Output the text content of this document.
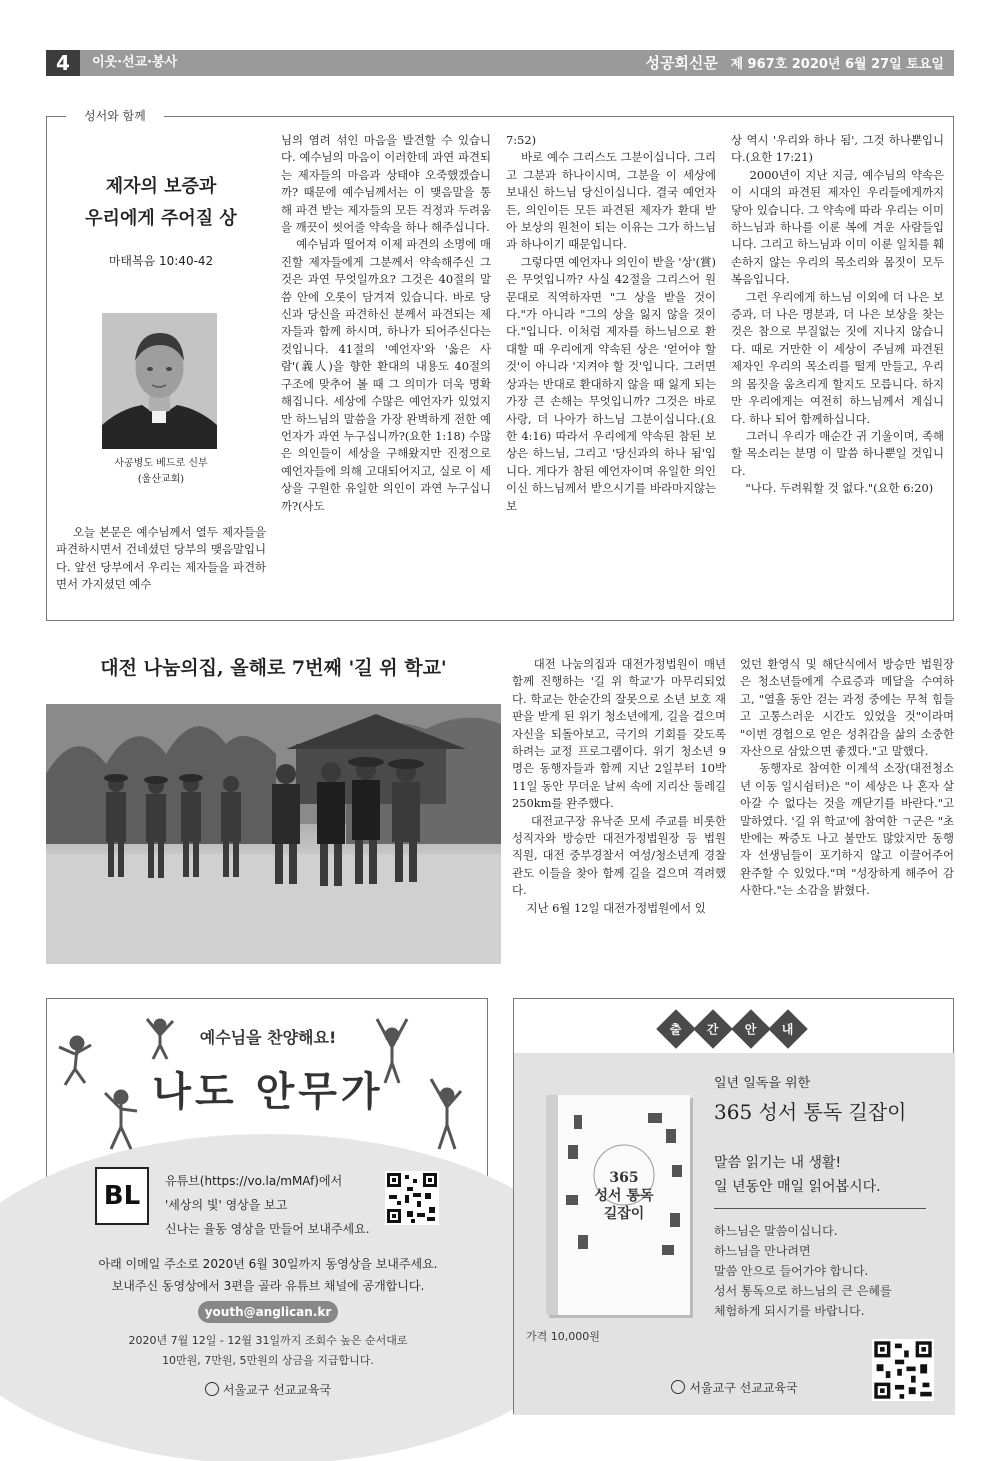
4	이웃·선교·봉사	성공회신문 제 967호 2020년 6월 27일 토요일
성서와 함께
제자의 보증과
우리에게 주어질 상
마태복음 10:40-42
사공병도 베드로 신부
(울산교회)
오늘 본문은 예수님께서 열두 제자들을 파견하시면서 건네셨던 당부의 맺음말입니다. 앞선 당부에서 우리는 제자들을 파견하면서 가지셨던 예수
님의 염려 섞인 마음을 발견할 수 있습니다. 예수님의 마음이 이러한데 과연 파견되는 제자들의 마음과 상태야 오죽했겠습니까? 때문에 예수님께서는 이 맺음말을 통해 파견 받는 제자들의 모든 걱정과 두려움을 깨끗이 씻어줄 약속을 하나 해주십니다.
예수님과 떨어져 이제 파견의 소명에 매진할 제자들에게 그분께서 약속해주신 그것은 과연 무엇일까요? 그것은 40절의 말씀 안에 오롯이 담겨져 있습니다. 바로 당신과 당신을 파견하신 분께서 파견되는 제자들과 함께 하시며, 하나가 되어주신다는 것입니다. 41절의 '예언자'와 '옳은 사람'(義人)을 향한 환대의 내용도 40절의 구조에 맞추어 볼 때 그 의미가 더욱 명확해집니다. 세상에 수많은 예언자가 있었지만 하느님의 말씀을 가장 완벽하게 전한 예언자가 과연 누구십니까?(요한 1:18) 수많은 의인들이 세상을 구해왔지만 진정으로 예언자들에 의해 고대되어지고, 실로 이 세상을 구원한 유일한 의인이 과연 누구십니까?(사도
7:52)
바로 예수 그리스도 그분이십니다. 그리고 그분과 하나이시며, 그분을 이 세상에 보내신 하느님 당신이십니다. 결국 예언자든, 의인이든 모든 파견된 제자가 환대 받아 보상의 원천이 되는 이유는 그가 하느님과 하나이기 때문입니다.
그렇다면 예언자나 의인이 받을 '상'(賞)은 무엇입니까? 사실 42절을 그리스어 원문대로 직역하자면 "그 상을 받을 것이다."가 아니라 "그의 상을 잃지 않을 것이다."입니다. 이처럼 제자를 하느님으로 환대할 때 우리에게 약속된 상은 '얻어야 할 것'이 아니라 '지켜야 할 것'입니다. 그러면 상과는 반대로 환대하지 않을 때 잃게 되는 가장 큰 손해는 무엇입니까? 그것은 바로 사랑, 더 나아가 하느님 그분이십니다.(요한 4:16) 따라서 우리에게 약속된 참된 보상은 하느님, 그리고 '당신과의 하나 됨'입니다. 게다가 참된 예언자이며 유일한 의인이신 하느님께서 받으시기를 바라마지않는 보
상 역시 '우리와 하나 됨', 그것 하나뿐입니다.(요한 17:21)
2000년이 지난 지금, 예수님의 약속은 이 시대의 파견된 제자인 우리들에게까지 닿아 있습니다. 그 약속에 따라 우리는 이미 하느님과 하나를 이룬 복에 겨운 사람들입니다. 그리고 하느님과 이미 이룬 일치를 훼손하지 않는 우리의 목소리와 몸짓이 모두 복음입니다.
그런 우리에게 하느님 이외에 더 나은 보증과, 더 나은 명분과, 더 나은 보상을 찾는 것은 참으로 부질없는 짓에 지나지 않습니다. 때로 거만한 이 세상이 주님께 파견된 제자인 우리의 목소리를 떨게 만들고, 우리의 몸짓을 움츠리게 할지도 모릅니다. 하지만 우리에게는 여전히 하느님께서 계십니다. 하나 되어 함께하십니다.
그러니 우리가 매순간 귀 기울이며, 족해 할 목소리는 분명 이 말씀 하나뿐일 것입니다.
"나다. 두려워할 것 없다."(요한 6:20)
대전 나눔의집, 올해로 7번째 '길 위 학교'	대전 나눔의집과 대전가정법원이 매년 함께 진행하는 '길 위 학교'가 마무리되었다. 학교는 한순간의 잘못으로 소년 보호 재판을 받게 된 위기 청소년에게, 길을 걸으며 자신을 되돌아보고, 극기의 기회를 갖도록 하려는 교정 프로그램이다. 위기 청소년 9명은 동행자들과 함께 지난 2일부터 10박 11일 동안 무더운 날씨 속에 지리산 둘레길 250km를 완주했다.
대전교구장 유낙준 모세 주교를 비롯한 성직자와 방승만 대전가정법원장 등 법원 직원, 대전 중부경찰서 여성/청소년계 경찰관도 이들을 찾아 함께 길을 걸으며 격려했다.
지난 6월 12일 대전가정법원에서 있
었던 환영식 및 해단식에서 방승만 법원장은 청소년들에게 수료증과 메달을 수여하고, "열흘 동안 걷는 과정 중에는 무척 힘들고 고통스러운 시간도 있었을 것"이라며 "이번 경험으로 얻은 성취감을 삶의 소중한 자산으로 삼았으면 좋겠다."고 말했다.
동행자로 참여한 이계석 소장(대전청소년 이동 일시쉼터)은 "이 세상은 나 혼자 살아갈 수 없다는 것을 깨닫기를 바란다."고 말하였다. '길 위 학교'에 참여한 ㄱ군은 "초반에는 짜증도 나고 불만도 많았지만 동행자 선생님들이 포기하지 않고 이끌어주어 완주할 수 있었다."며 "성장하게 해주어 감사한다."는 소감을 밝혔다.
예수님을 찬양해요!
나도 안무가
BL	유튜브(https://vo.la/mMAf)에서
'세상의 빛' 영상을 보고
신나는 율동 영상을 만들어 보내주세요.
아래 이메일 주소로 2020년 6월 30일까지 동영상을 보내주세요.
보내주신 동영상에서 3편을 골라 유튜브 채널에 공개합니다.
youth@anglican.kr
2020년 7월 12일 - 12월 31일까지 조회수 높은 순서대로
10만원, 7만원, 5만원의 상금을 지급합니다.
서울교구 선교교육국
출 간 안 내
365
성서 통독
길잡이
가격 10,000원
일년 일독을 위한
365 성서 통독 길잡이
말씀 읽기는 내 생활!
일 년동안 매일 읽어봅시다.
하느님은 말씀이십니다.
하느님을 만나려면
말씀 안으로 들어가야 합니다.
성서 통독으로 하느님의 큰 은혜를
체험하게 되시기를 바랍니다.
서울교구 선교교육국
